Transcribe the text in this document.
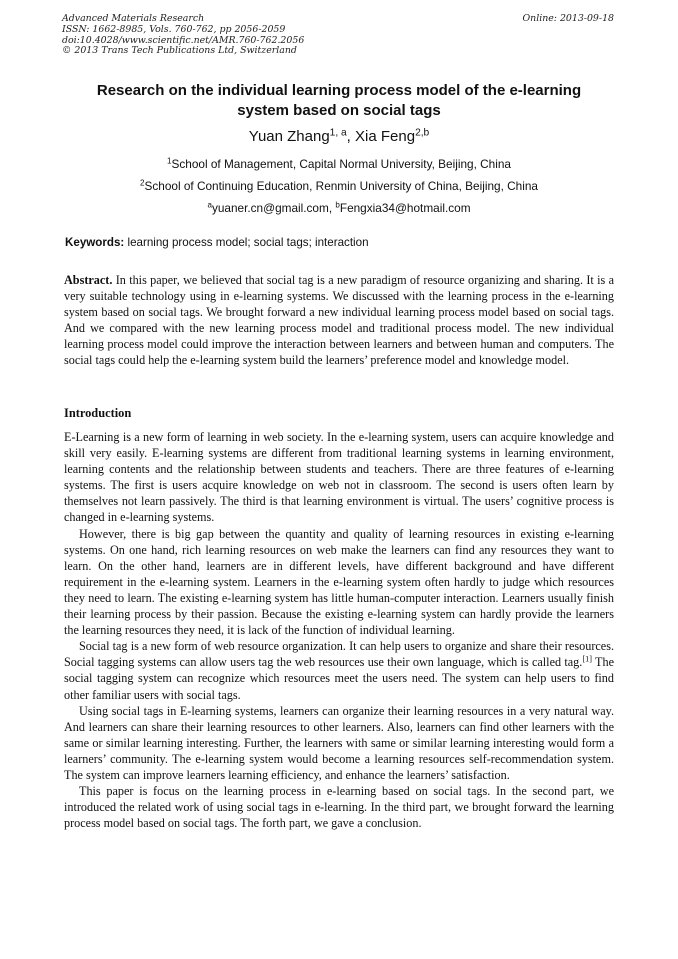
Advanced Materials Research
ISSN: 1662-8985, Vols. 760-762, pp 2056-2059
doi:10.4028/www.scientific.net/AMR.760-762.2056
© 2013 Trans Tech Publications Ltd, Switzerland
Online: 2013-09-18
Research on the individual learning process model of the e-learning
system based on social tags
Yuan Zhang$^{1, a}$, Xia Feng$^{2,b}$
$^1$School of Management, Capital Normal University, Beijing, China
$^2$School of Continuing Education, Renmin University of China, Beijing, China
$^a$yuaner.cn@gmail.com, $^b$Fengxia34@hotmail.com
Keywords: learning process model; social tags; interaction

Abstract. In this paper, we believed that social tag is a new paradigm of resource organizing and sharing. It is a very suitable technology using in e-learning systems. We discussed with the learning process in the e-learning system based on social tags. We brought forward a new individual learning process model based on social tags. And we compared with the new learning process model and traditional process model. The new individual learning process model could improve the interaction between learners and between human and computers. The social tags could help the e-learning system build the learners’ preference model and knowledge model.

Introduction

E-Learning is a new form of learning in web society. In the e-learning system, users can acquire knowledge and skill very easily. E-learning systems are different from traditional learning systems in learning environment, learning contents and the relationship between students and teachers. There are three features of e-learning systems. The first is users acquire knowledge on web not in classroom. The second is users often learn by themselves not learn passively. The third is that learning environment is virtual. The users’ cognitive process is changed in e-learning systems.

However, there is big gap between the quantity and quality of learning resources in existing e-learning systems. On one hand, rich learning resources on web make the learners can find any resources they want to learn. On the other hand, learners are in different levels, have different background and have different requirement in the e-learning system. Learners in the e-learning system often hardly to judge which resources they need to learn. The existing e-learning system has little human-computer interaction. Learners usually finish their learning process by their passion. Because the existing e-learning system can hardly provide the learners the learning resources they need, it is lack of the function of individual learning.

Social tag is a new form of web resource organization. It can help users to organize and share their resources. Social tagging systems can allow users tag the web resources use their own language, which is called tag.[1] The social tagging system can recognize which resources meet the users need. The system can help users to find other familiar users with social tags.

Using social tags in E-learning systems, learners can organize their learning resources in a very natural way. And learners can share their learning resources to other learners. Also, learners can find other learners with the same or similar learning interesting. Further, the learners with same or similar learning interesting would form a learners’ community. The e-learning system would become a learning resources self-recommendation system. The system can improve learners learning efficiency, and enhance the learners’ satisfaction.

This paper is focus on the learning process in e-learning based on social tags. In the second part, we introduced the related work of using social tags in e-learning. In the third part, we brought forward the learning process model based on social tags. The forth part, we gave a conclusion.
